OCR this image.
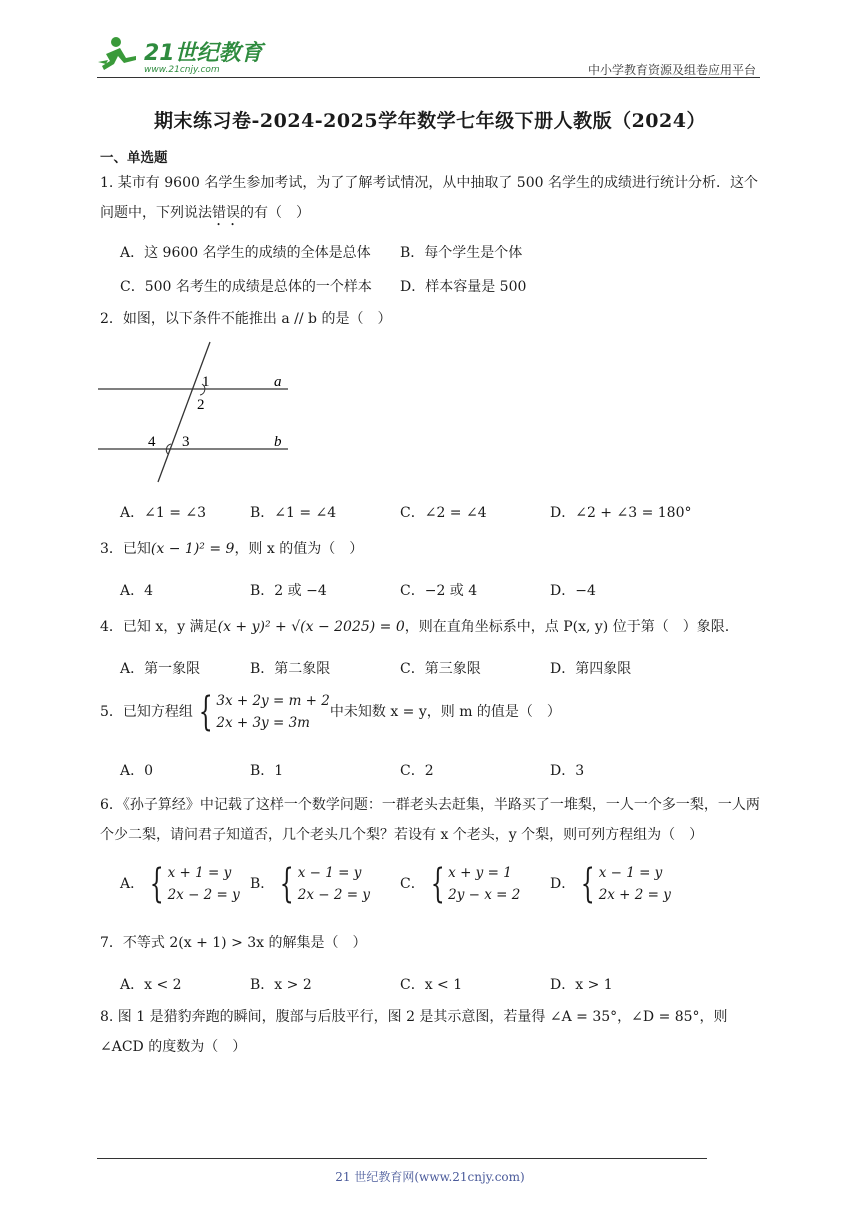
21世纪教育
www.21cnjy.com	中小学教育资源及组卷应用平台
期末练习卷-2024-2025学年数学七年级下册人教版（2024）
一、单选题
1. 某市有 9600 名学生参加考试，为了了解考试情况，从中抽取了 500 名学生的成绩进行统计分析．这个问题中，下列说法错误的有（　）
A．这 9600 名学生的成绩的全体是总体 B．每个学生是个体
C．500 名考生的成绩是总体的一个样本 D．样本容量是 500
2．如图，以下条件不能推出 a // b 的是（　）
1
2
3
4
a
b
A．∠1 = ∠3	B．∠1 = ∠4	C．∠2 = ∠4	D．∠2 + ∠3 = 180°
3．已知(x − 1)² = 9，则 x 的值为（　）
A．4	B．2 或 −4	C．−2 或 4	D．−4
4．已知 x，y 满足(x + y)² + √(x − 2025) = 0，则在直角坐标系中，点 P(x, y) 位于第（　）象限.
A．第一象限	B．第二象限	C．第三象限	D．第四象限
5．已知方程组 { 3x + 2y = m + 2
2x + 3y = 3m
中未知数 x = y，则 m 的值是（　）
A．0	B．1	C．2	D．3
6．《孙子算经》中记载了这样一个数学问题：一群老头去赶集，半路买了一堆梨，一人一个多一梨，一人两个少二梨，请问君子知道否，几个老头几个梨？若设有 x 个老头，y 个梨，则可列方程组为（　）
A． { x + 1 = y
2x − 2 = y
B． { x − 1 = y
2x − 2 = y
C． { x + y = 1
2y − x = 2
D． { x − 1 = y
2x + 2 = y
7．不等式 2(x + 1) > 3x 的解集是（　）
A．x < 2	B．x > 2	C．x < 1	D．x > 1
8. 图 1 是猎豹奔跑的瞬间，腹部与后肢平行，图 2 是其示意图，若量得 ∠A = 35°，∠D = 85°，则 ∠ACD 的度数为（　）
21 世纪教育网(www.21cnjy.com)
